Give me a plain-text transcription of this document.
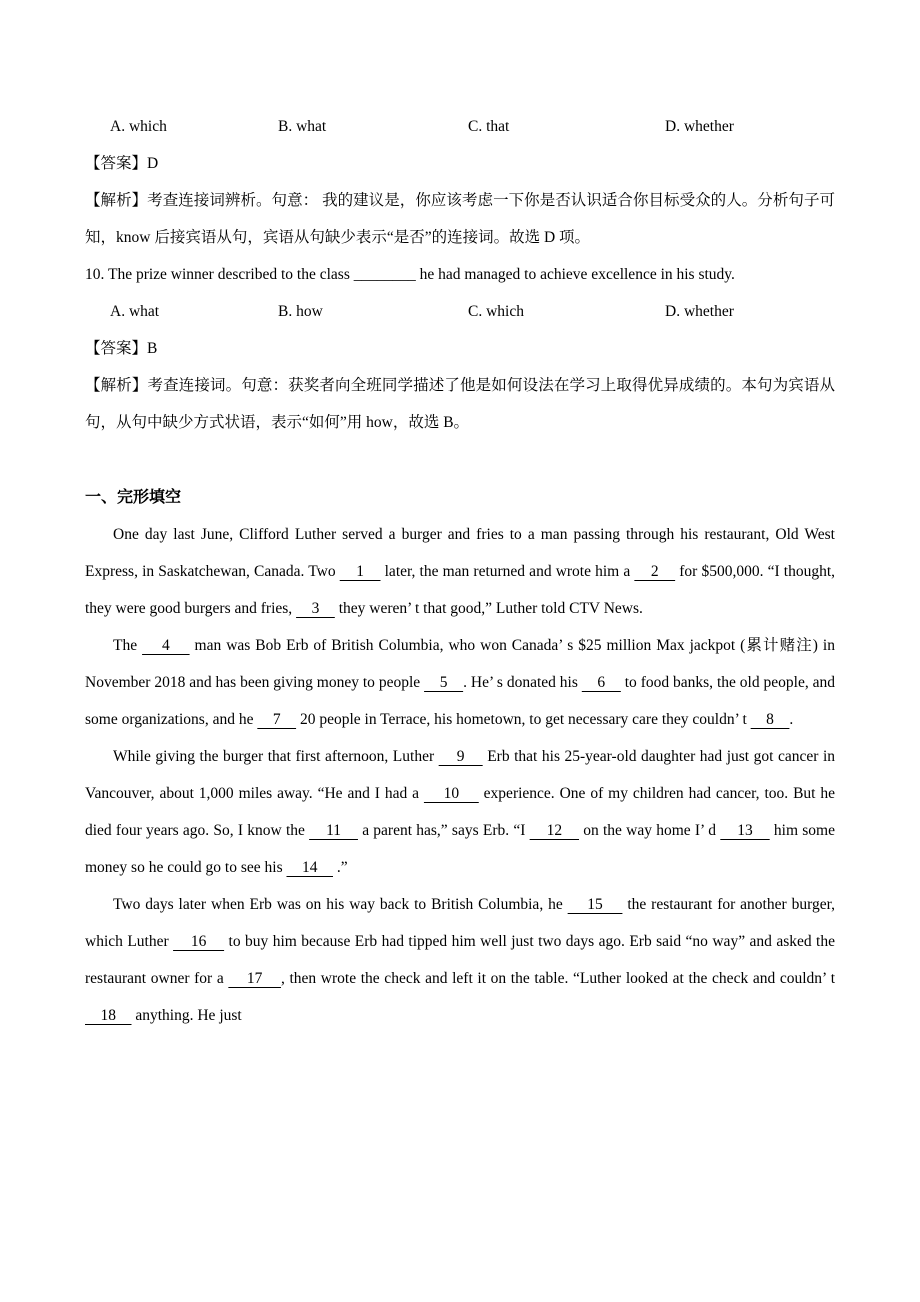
A. which	B. what	C. that	D. whether

【答案】D

【解析】考查连接词辨析。句意： 我的建议是，你应该考虑一下你是否认识适合你目标受众的人。分析句子可知，know 后接宾语从句，宾语从句缺少表示“是否”的连接词。故选 D 项。

10. The prize winner described to the class ________ he had managed to achieve excellence in his study.

A. what	B. how	C. which	D. whether

【答案】B

【解析】考查连接词。句意：获奖者向全班同学描述了他是如何设法在学习上取得优异成绩的。本句为宾语从句，从句中缺少方式状语，表示“如何”用 how，故选 B。

一、完形填空

One day last June, Clifford Luther served a burger and fries to a man passing through his restaurant, Old West Express, in Saskatchewan, Canada. Two     1     later, the man returned and wrote him a     2     for $500,000. “I thought, they were good burgers and fries,     3     they weren’ t that good,” Luther told CTV News.

The     4     man was Bob Erb of British Columbia, who won Canada’ s $25 million Max jackpot (累计赌注) in November 2018 and has been giving money to people     5    . He’ s donated his     6     to food banks, the old people, and some organizations, and he     7     20 people in Terrace, his hometown, to get necessary care they couldn’ t     8    .

While giving the burger that first afternoon, Luther     9     Erb that his 25-year-old daughter had just got cancer in Vancouver, about 1,000 miles away. “He and I had a     10     experience. One of my children had cancer, too. But he died four years ago. So, I know the     11     a parent has,” says Erb. “I     12     on the way home I’ d     13     him some money so he could go to see his     14     .”

Two days later when Erb was on his way back to British Columbia, he     15     the restaurant for another burger, which Luther     16     to buy him because Erb had tipped him well just two days ago. Erb said “no way” and asked the restaurant owner for a     17    , then wrote the check and left it on the table. “Luther looked at the check and couldn’ t     18     anything. He just
